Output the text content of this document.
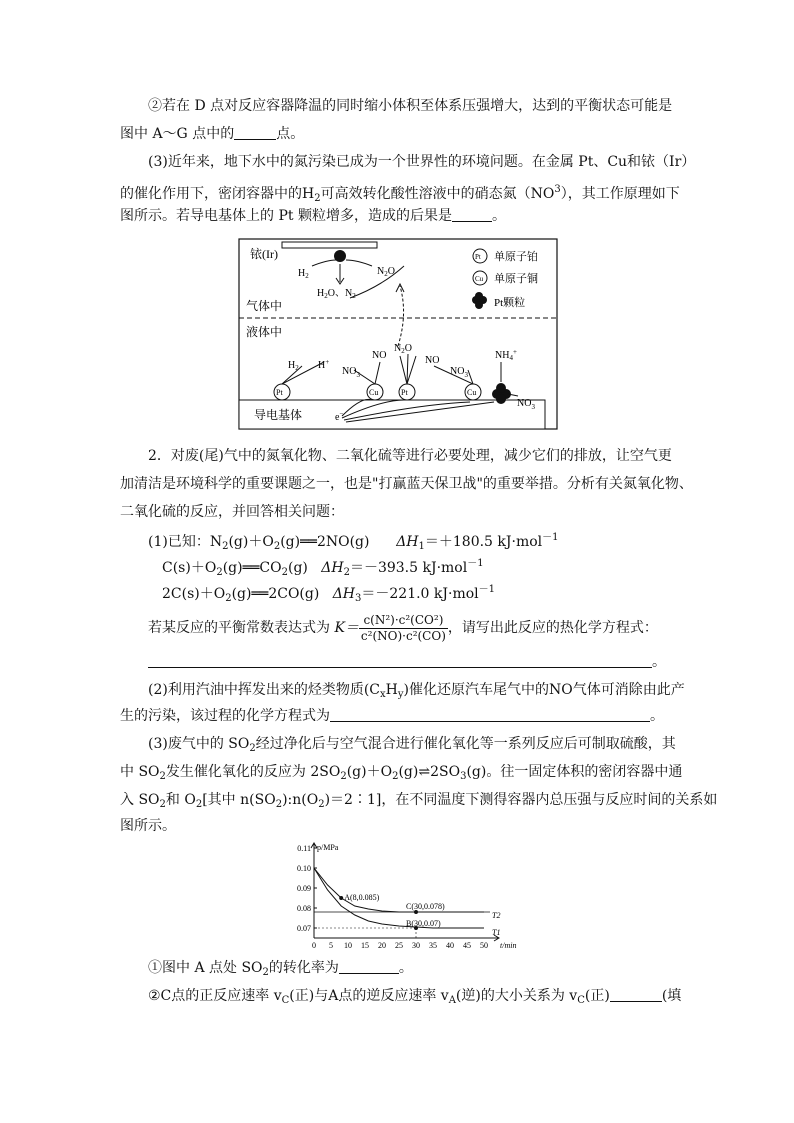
②若在 D 点对反应容器降温的同时缩小体积至体系压强增大，达到的平衡状态可能是
图中 A～G 点中的	点。
(3)近年来，地下水中的氮污染已成为一个世界性的环境问题。在金属 Pt、Cu和铱（Ir）
的催化作用下，密闭容器中的$H_2$可高效转化酸性溶液中的硝态氮$(NO^3)$，其工作原理如下
图所示。若导电基体上的 Pt 颗粒增多，造成的后果是	。
铱(Ir)
$H_2$	$N_2O$
$H_2O$、$N_2$
气体中
液体中
Pt 单原子铂
Cu 单原子铜
Pt颗粒
导电基体	e−
Pt	Cu	Pt	Cu
$H_2$ H+
$NO_3$
NO
$N_2O$
NO
$NO_3$
$NH_4^+$
$NO_3$
2．对废(尾)气中的氮氧化物、二氧化硫等进行必要处理，减少它们的排放，让空气更
加清洁是环境科学的重要课题之一，也是"打赢蓝天保卫战"的重要举措。分析有关氮氧化物、
二氧化硫的反应，并回答相关问题：
(1)已知：$N_2(g)+O_2(g)══2NO(g)$ $\Delta H_1=+180.5$ kJ·mol$^{-1}$
$C(s)+O_2(g)══CO_2(g)$ $\Delta H_2=-393.5$ kJ·mol$^{-1}$
$2C(s)+O_2(g)══2CO(g)$ $\Delta H_3=-221.0$ kJ·mol$^{-1}$
若某反应的平衡常数表达式为 $K= \frac{\text{c(N²)·c²(CO²)}}{\text{c²(NO)·c²(CO)}}$ ，请写出此反应的热化学方程式：
。
(2)利用汽油中挥发出来的烃类物质$(C_xH_y)$催化还原汽车尾气中的NO气体可消除由此产
生的污染，该过程的化学方程式为	。
(3)废气中的 $SO_2$经过净化后与空气混合进行催化氧化等一系列反应后可制取硫酸，其
中 $SO_2$发生催化氧化的反应为 $2SO_2(g)+O_2(g)\rightleftharpoons 2SO_3(g)$。往一固定体积的密闭容器中通
入 $SO_2$和 $O_2$[其中 $n(SO_2):n(O_2)=2∶1$]，在不同温度下测得容器内总压强与反应时间的关系如
图所示。
0 5 10 15 20 25 30 35 40 45 50
0.07
0.08
0.09
0.10
0.11 p/MPa
t/min
A(8,0.085)
C(30,0.078)
B(30,0.07)
T2
T1
①图中 A 点处 $SO_2$的转化率为	。
②C点的正反应速率 $v_C$(正)与A点的逆反应速率 $v_A$(逆)的大小关系为 $v_C$(正)	(填
